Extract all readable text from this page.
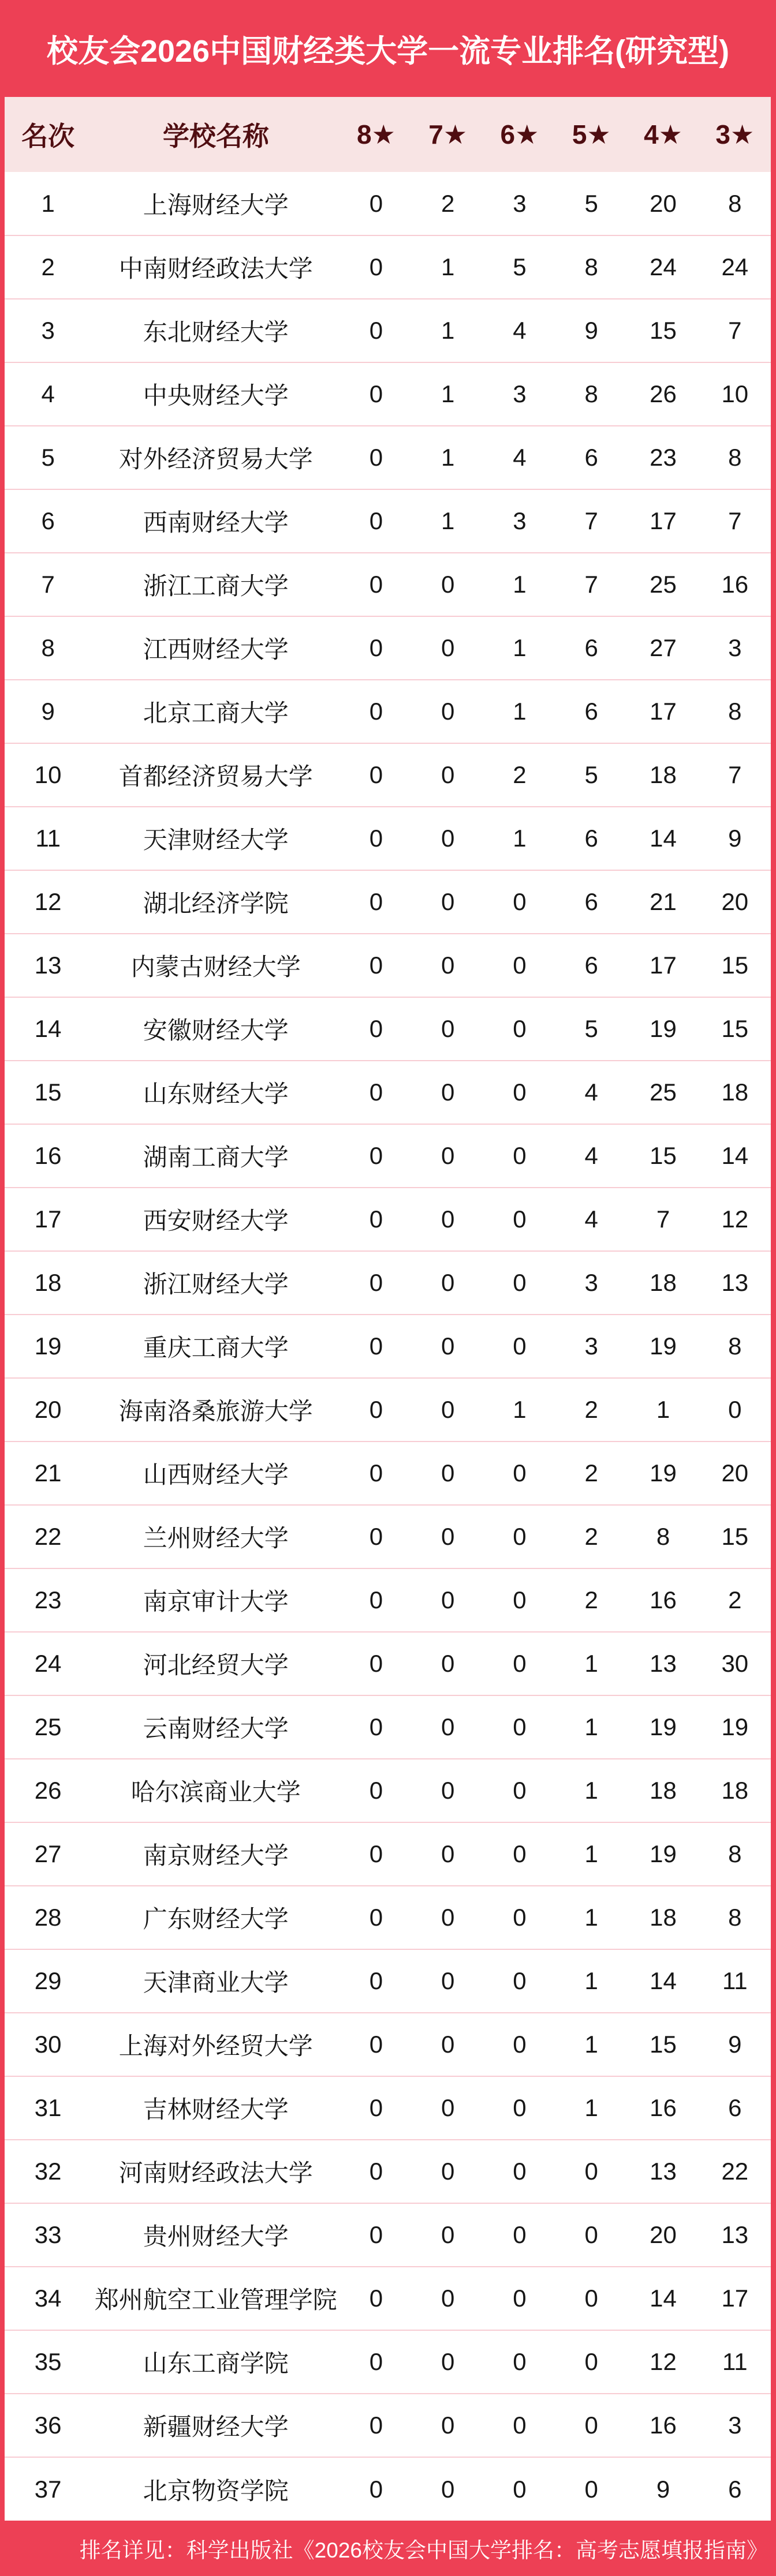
校友会2026中国财经类大学一流专业排名(研究型)
名次	学校名称	8★	7★	6★	5★	4★	3★
1	上海财经大学	0	2	3	5	20	8
2	中南财经政法大学	0	1	5	8	24	24
3	东北财经大学	0	1	4	9	15	7
4	中央财经大学	0	1	3	8	26	10
5	对外经济贸易大学	0	1	4	6	23	8
6	西南财经大学	0	1	3	7	17	7
7	浙江工商大学	0	0	1	7	25	16
8	江西财经大学	0	0	1	6	27	3
9	北京工商大学	0	0	1	6	17	8
10	首都经济贸易大学	0	0	2	5	18	7
11	天津财经大学	0	0	1	6	14	9
12	湖北经济学院	0	0	0	6	21	20
13	内蒙古财经大学	0	0	0	6	17	15
14	安徽财经大学	0	0	0	5	19	15
15	山东财经大学	0	0	0	4	25	18
16	湖南工商大学	0	0	0	4	15	14
17	西安财经大学	0	0	0	4	7	12
18	浙江财经大学	0	0	0	3	18	13
19	重庆工商大学	0	0	0	3	19	8
20	海南洛桑旅游大学	0	0	1	2	1	0
21	山西财经大学	0	0	0	2	19	20
22	兰州财经大学	0	0	0	2	8	15
23	南京审计大学	0	0	0	2	16	2
24	河北经贸大学	0	0	0	1	13	30
25	云南财经大学	0	0	0	1	19	19
26	哈尔滨商业大学	0	0	0	1	18	18
27	南京财经大学	0	0	0	1	19	8
28	广东财经大学	0	0	0	1	18	8
29	天津商业大学	0	0	0	1	14	11
30	上海对外经贸大学	0	0	0	1	15	9
31	吉林财经大学	0	0	0	1	16	6
32	河南财经政法大学	0	0	0	0	13	22
33	贵州财经大学	0	0	0	0	20	13
34	郑州航空工业管理学院	0	0	0	0	14	17
35	山东工商学院	0	0	0	0	12	11
36	新疆财经大学	0	0	0	0	16	3
37	北京物资学院	0	0	0	0	9	6
排名详见：科学出版社《2026校友会中国大学排名：高考志愿填报指南》
